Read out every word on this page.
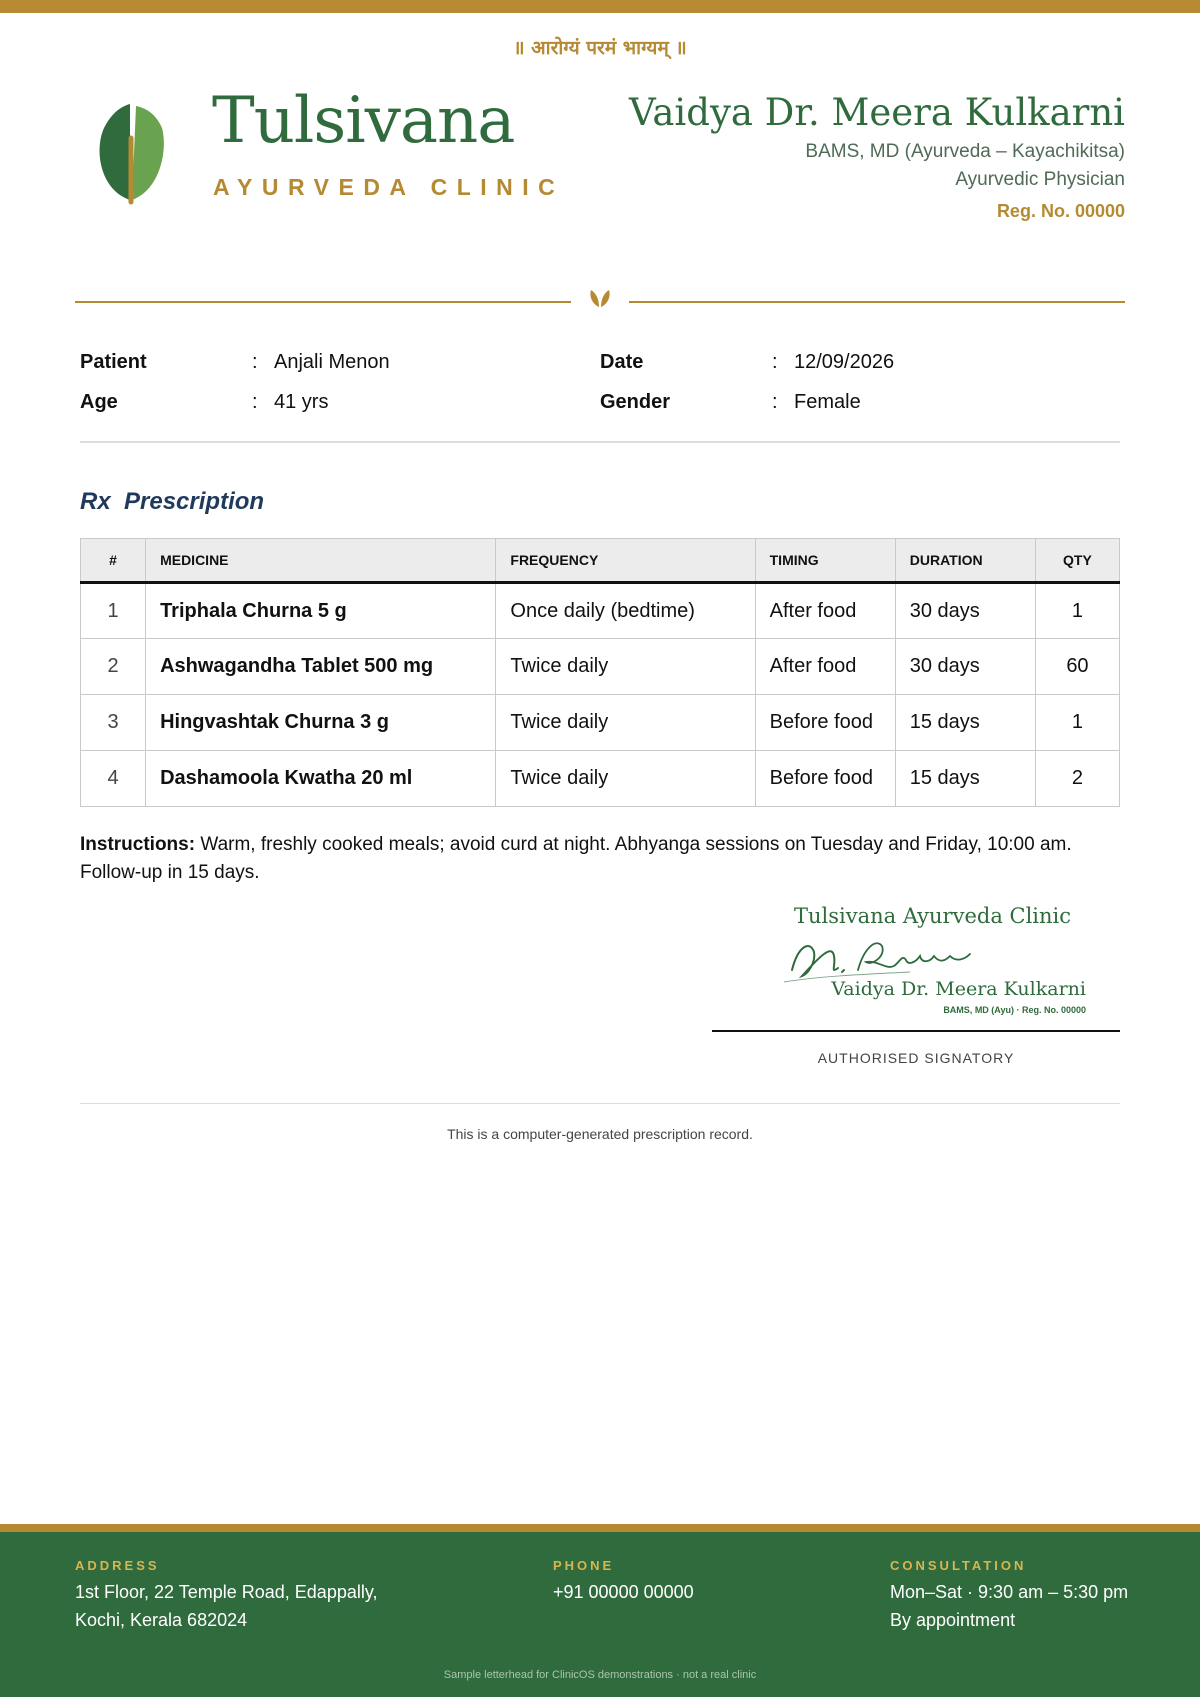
॥ आरोग्यं परमं भाग्यम् ॥
Tulsivana
AYURVEDA CLINIC
Vaidya Dr. Meera Kulkarni
BAMS, MD (Ayurveda – Kayachikitsa)
Ayurvedic Physician
Reg. No. 00000
Patient	: Anjali Menon	Date	: 12/09/2026
Age	: 41 yrs	Gender	: Female
Rx  Prescription
#	MEDICINE	FREQUENCY	TIMING	DURATION	QTY
1	Triphala Churna 5 g	Once daily (bedtime)	After food	30 days	1
2	Ashwagandha Tablet 500 mg	Twice daily	After food	30 days	60
3	Hingvashtak Churna 3 g	Twice daily	Before food	15 days	1
4	Dashamoola Kwatha 20 ml	Twice daily	Before food	15 days	2
Instructions: Warm, freshly cooked meals; avoid curd at night. Abhyanga sessions on Tuesday and Friday, 10:00 am. Follow-up in 15 days.
Tulsivana Ayurveda Clinic
Vaidya Dr. Meera Kulkarni
BAMS, MD (Ayu) · Reg. No. 00000
AUTHORISED SIGNATORY
This is a computer-generated prescription record.
ADDRESS
1st Floor, 22 Temple Road, Edappally,
Kochi, Kerala 682024
PHONE
+91 00000 00000
CONSULTATION
Mon–Sat · 9:30 am – 5:30 pm
By appointment
Sample letterhead for ClinicOS demonstrations · not a real clinic
